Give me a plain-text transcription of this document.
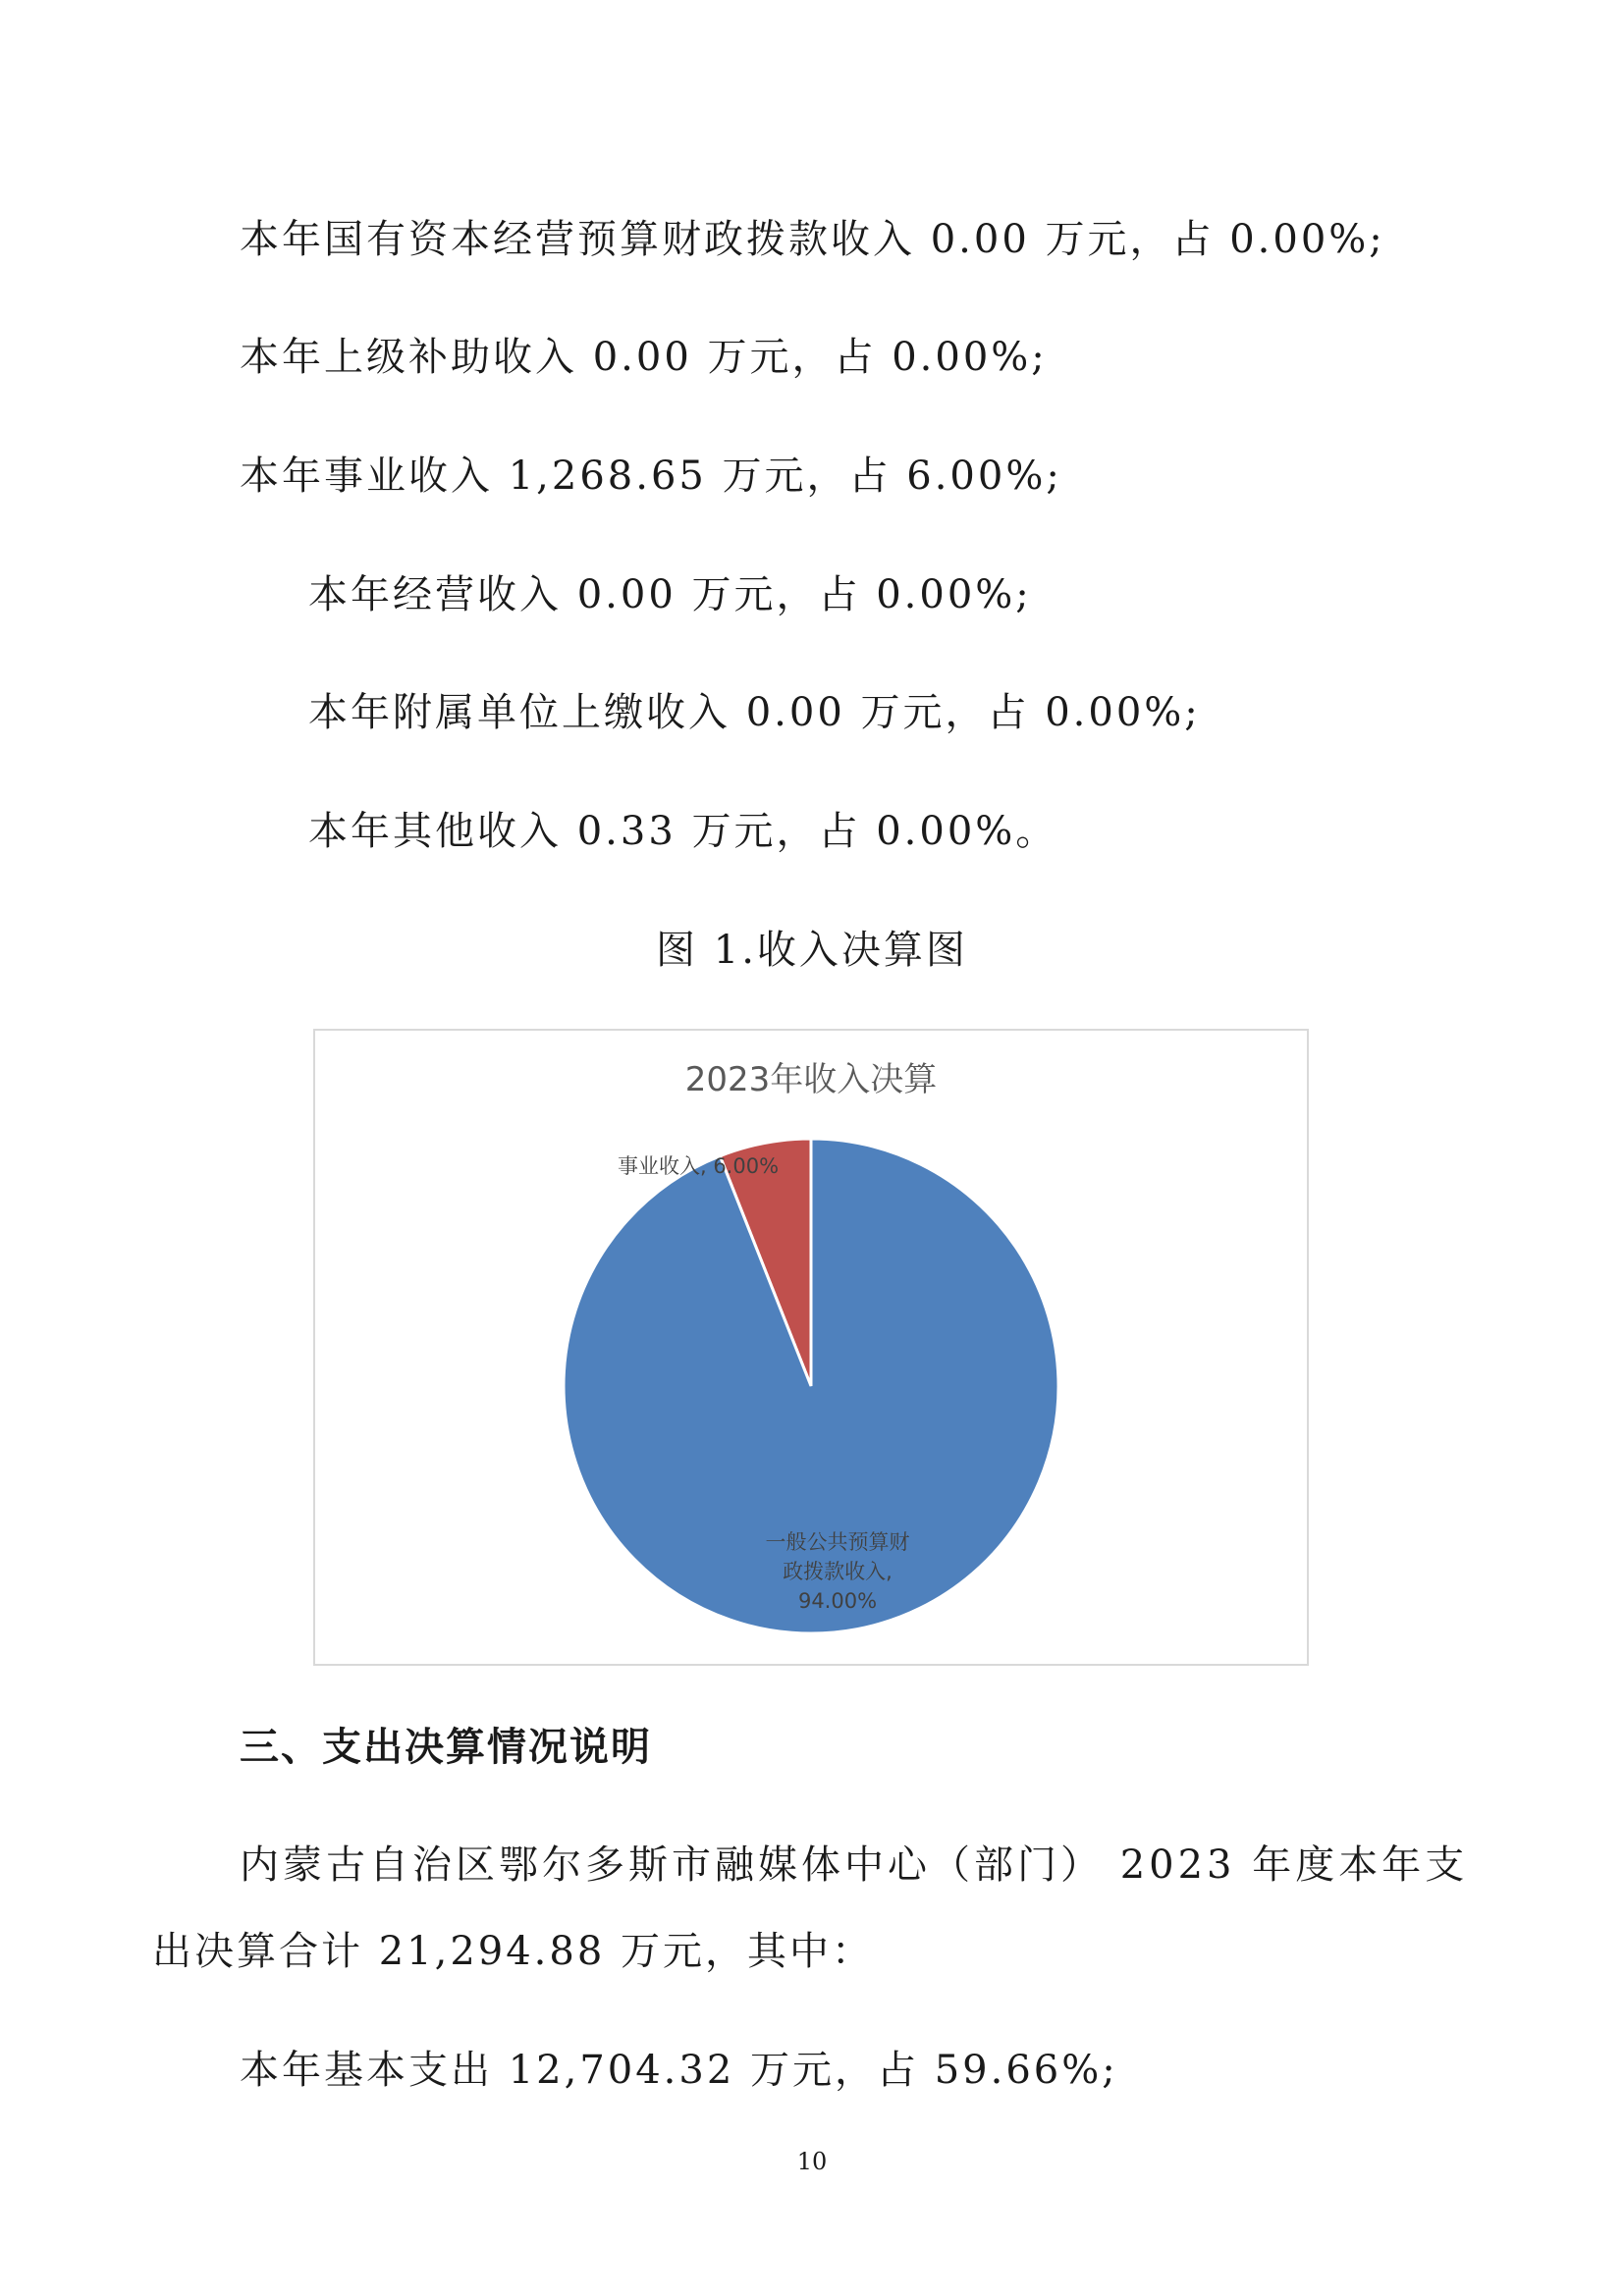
本年国有资本经营预算财政拨款收入 0.00 万元，占 0.00%;
本年上级补助收入 0.00 万元，占 0.00%;
本年事业收入 1,268.65 万元，占 6.00%;
本年经营收入 0.00 万元，占 0.00%;
本年附属单位上缴收入 0.00 万元，占 0.00%;
本年其他收入 0.33 万元，占 0.00%。
图 1.收入决算图
2023年收入决算
事业收入, 6.00%
一般公共预算财
政拨款收入,
94.00%
三、支出决算情况说明
内蒙古自治区鄂尔多斯市融媒体中心（部门） 2023 年度本年支
出决算合计 21,294.88 万元，其中：
本年基本支出 12,704.32 万元，占 59.66%;
10
